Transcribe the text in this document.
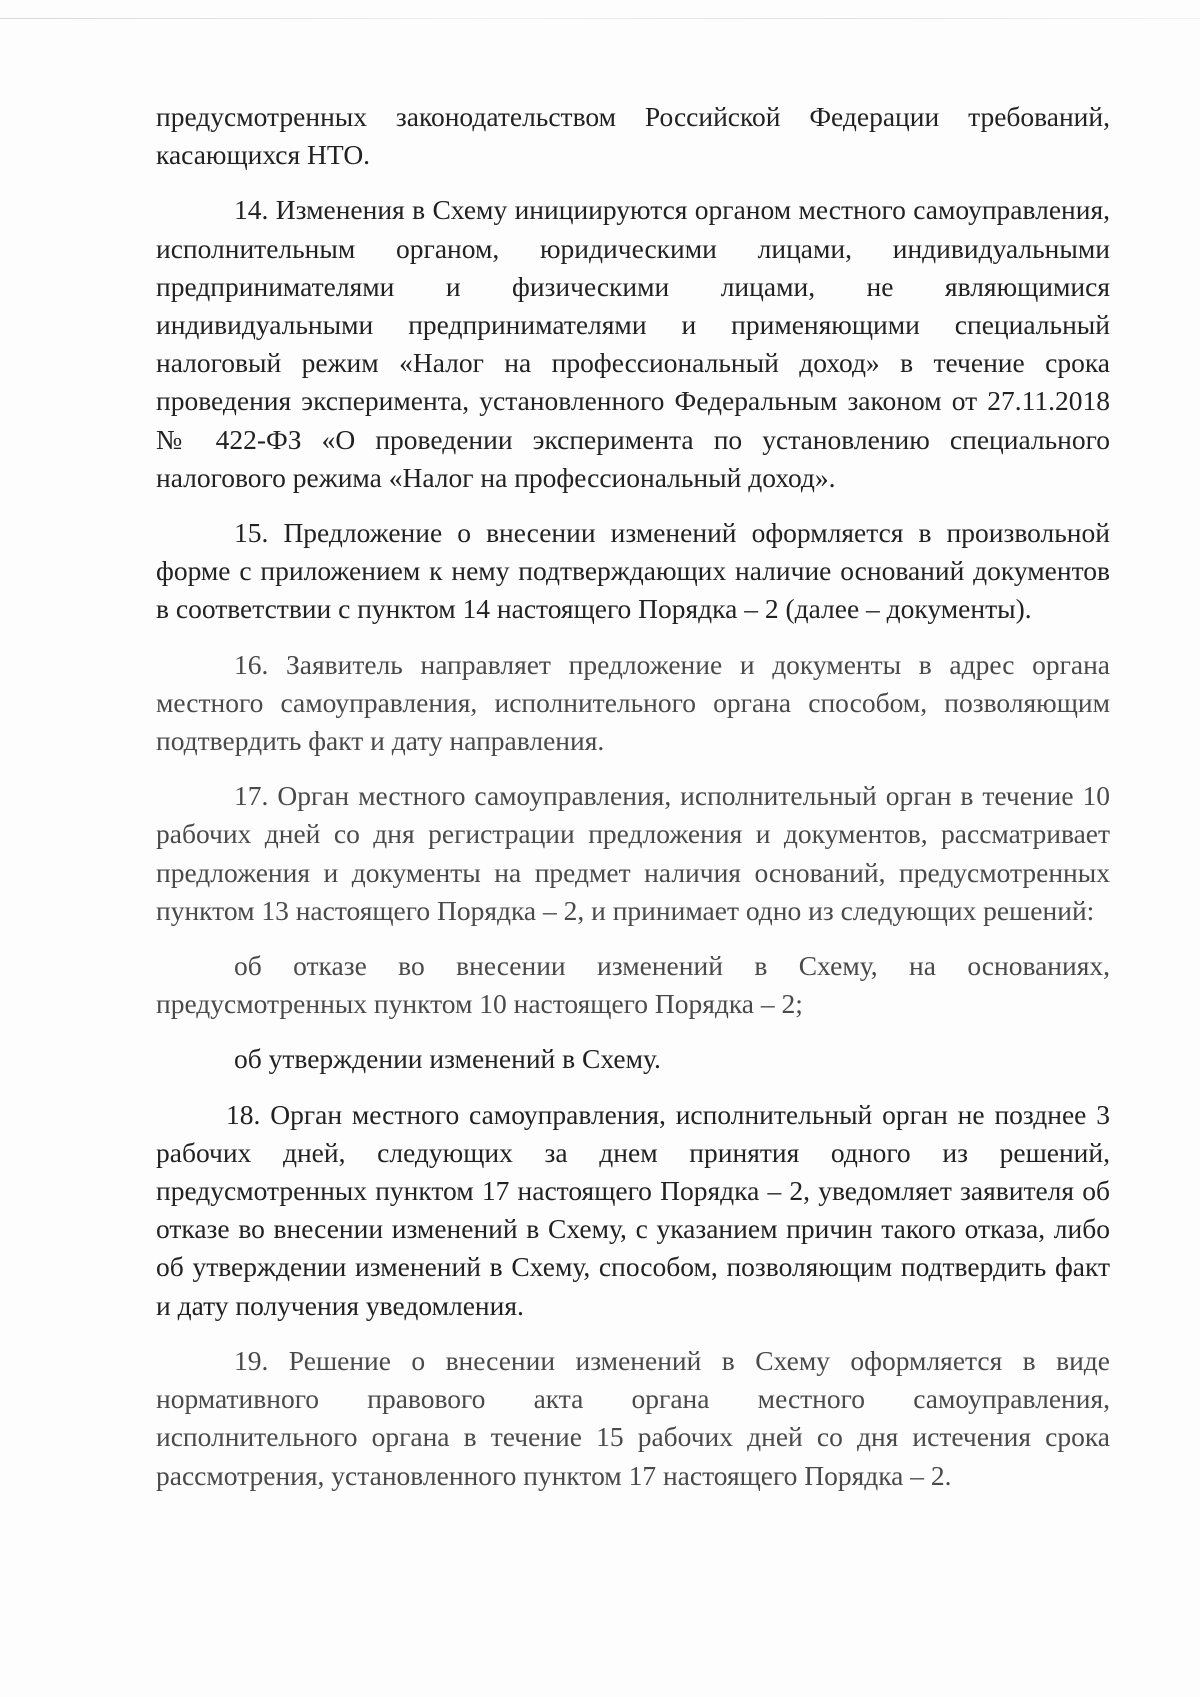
предусмотренных законодательством Российской Федерации требований, касающихся НТО.

14. Изменения в Схему инициируются органом местного самоуправления, исполнительным органом, юридическими лицами, индивидуальными предпринимателями и физическими лицами, не являющимися индивидуальными предпринимателями и применяющими специальный налоговый режим «Налог на профессиональный доход» в течение срока проведения эксперимента, установленного Федеральным законом от 27.11.2018 № 422-ФЗ «О проведении эксперимента по установлению специального налогового режима «Налог на профессиональный доход».

15. Предложение о внесении изменений оформляется в произвольной форме с приложением к нему подтверждающих наличие оснований документов в соответствии с пунктом 14 настоящего Порядка – 2 (далее – документы).

16. Заявитель направляет предложение и документы в адрес органа местного самоуправления, исполнительного органа способом, позволяющим подтвердить факт и дату направления.

17. Орган местного самоуправления, исполнительный орган в течение 10 рабочих дней со дня регистрации предложения и документов, рассматривает предложения и документы на предмет наличия оснований, предусмотренных пунктом 13 настоящего Порядка – 2, и принимает одно из следующих решений:

об отказе во внесении изменений в Схему, на основаниях, предусмотренных пунктом 10 настоящего Порядка – 2;

об утверждении изменений в Схему.

18. Орган местного самоуправления, исполнительный орган не позднее 3 рабочих дней, следующих за днем принятия одного из решений, предусмотренных пунктом 17 настоящего Порядка – 2, уведомляет заявителя об отказе во внесении изменений в Схему, с указанием причин такого отказа, либо об утверждении изменений в Схему, способом, позволяющим подтвердить факт и дату получения уведомления.

19. Решение о внесении изменений в Схему оформляется в виде нормативного правового акта органа местного самоуправления, исполнительного органа в течение 15 рабочих дней со дня истечения срока рассмотрения, установленного пунктом 17 настоящего Порядка – 2.
